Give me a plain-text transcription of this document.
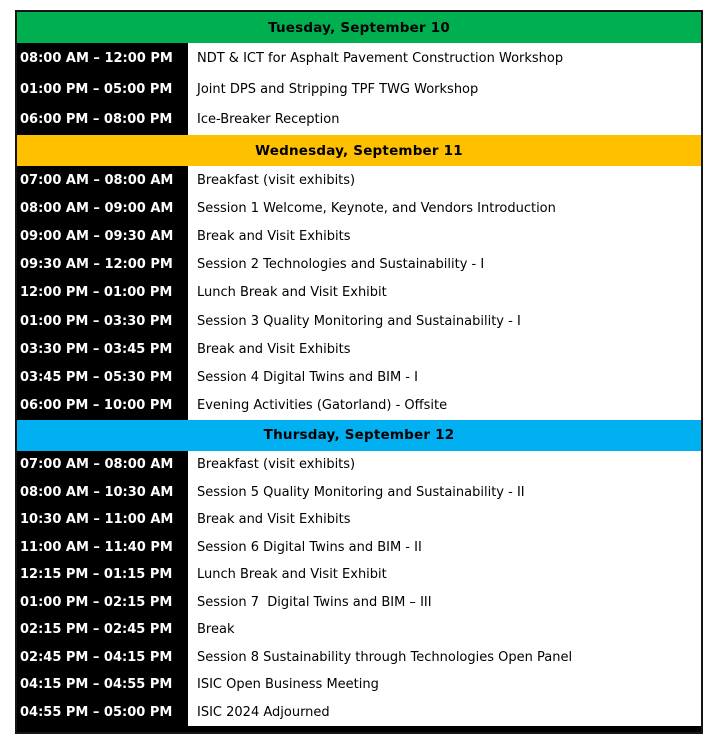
Tuesday, September 10
08:00 AM – 12:00 PM	NDT & ICT for Asphalt Pavement Construction Workshop
01:00 PM – 05:00 PM	Joint DPS and Stripping TPF TWG Workshop
06:00 PM – 08:00 PM	Ice-Breaker Reception
Wednesday, September 11
07:00 AM – 08:00 AM	Breakfast (visit exhibits)
08:00 AM – 09:00 AM	Session 1 Welcome, Keynote, and Vendors Introduction
09:00 AM – 09:30 AM	Break and Visit Exhibits
09:30 AM – 12:00 PM	Session 2 Technologies and Sustainability - I
12:00 PM – 01:00 PM	Lunch Break and Visit Exhibit
01:00 PM – 03:30 PM	Session 3 Quality Monitoring and Sustainability - I
03:30 PM – 03:45 PM	Break and Visit Exhibits
03:45 PM – 05:30 PM	Session 4 Digital Twins and BIM - I
06:00 PM – 10:00 PM	Evening Activities (Gatorland) - Offsite
Thursday, September 12
07:00 AM – 08:00 AM	Breakfast (visit exhibits)
08:00 AM – 10:30 AM	Session 5 Quality Monitoring and Sustainability - II
10:30 AM – 11:00 AM	Break and Visit Exhibits
11:00 AM – 11:40 PM	Session 6 Digital Twins and BIM - II
12:15 PM – 01:15 PM	Lunch Break and Visit Exhibit
01:00 PM – 02:15 PM	Session 7  Digital Twins and BIM – III
02:15 PM – 02:45 PM	Break
02:45 PM – 04:15 PM	Session 8 Sustainability through Technologies Open Panel
04:15 PM – 04:55 PM	ISIC Open Business Meeting
04:55 PM – 05:00 PM	ISIC 2024 Adjourned
